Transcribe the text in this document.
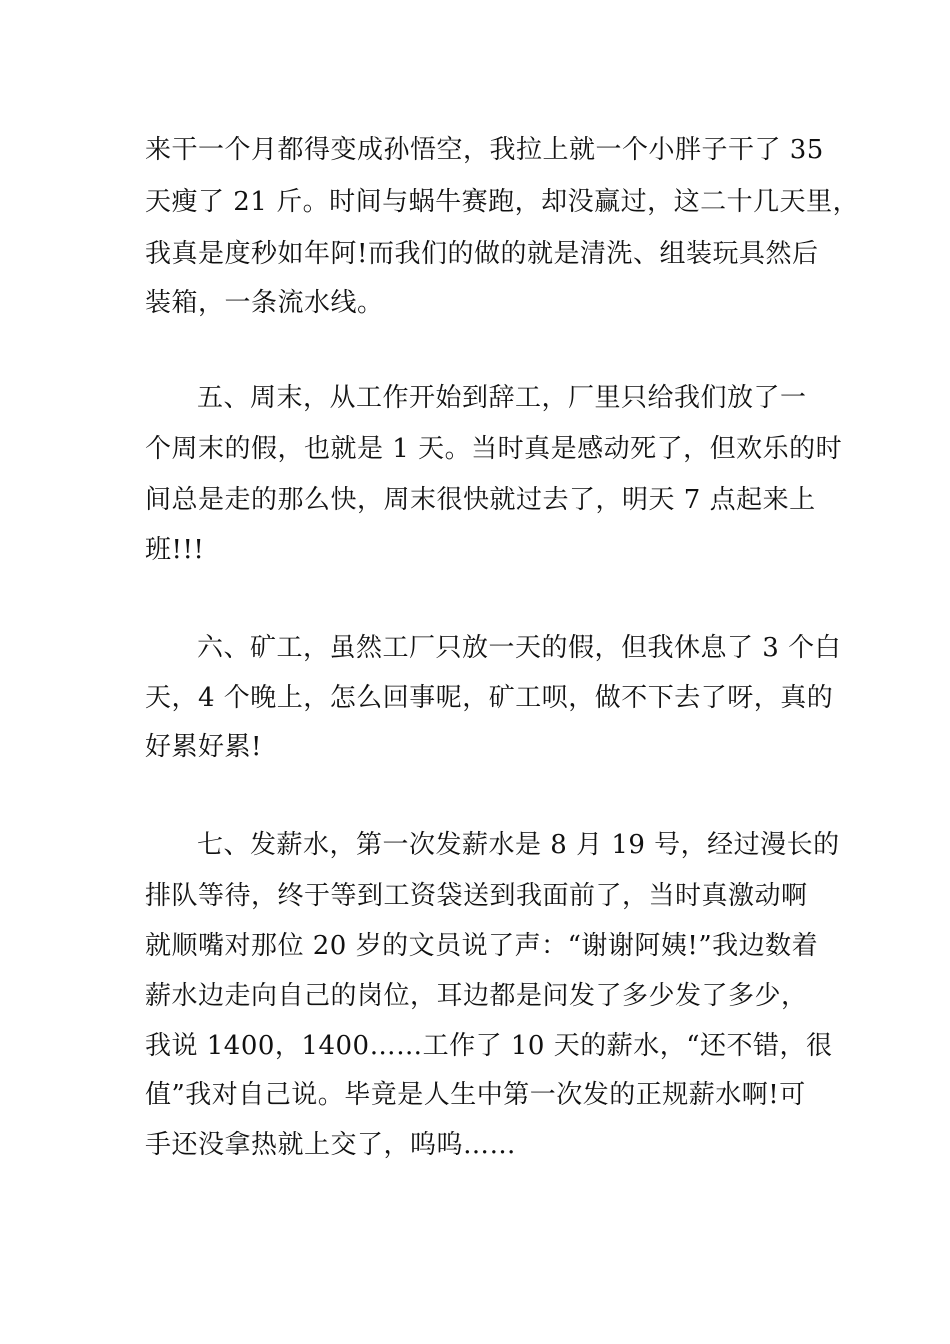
来干一个月都得变成孙悟空，我拉上就一个小胖子干了 35
天瘦了 21 斤。时间与蜗牛赛跑，却没赢过，这二十几天里，
我真是度秒如年阿!而我们的做的就是清洗、组装玩具然后
装箱，一条流水线。
五、周末，从工作开始到辞工，厂里只给我们放了一
个周末的假，也就是 1 天。当时真是感动死了，但欢乐的时
间总是走的那么快，周末很快就过去了，明天 7 点起来上
班!!!
六、矿工，虽然工厂只放一天的假，但我休息了 3 个白
天，4 个晚上，怎么回事呢，矿工呗，做不下去了呀，真的
好累好累!
七、发薪水，第一次发薪水是 8 月 19 号，经过漫长的
排队等待，终于等到工资袋送到我面前了，当时真激动啊
就顺嘴对那位 20 岁的文员说了声：“谢谢阿姨!”我边数着
薪水边走向自己的岗位，耳边都是问发了多少发了多少，
我说 1400，1400……工作了 10 天的薪水，“还不错，很
值”我对自己说。毕竟是人生中第一次发的正规薪水啊!可
手还没拿热就上交了，呜呜……
